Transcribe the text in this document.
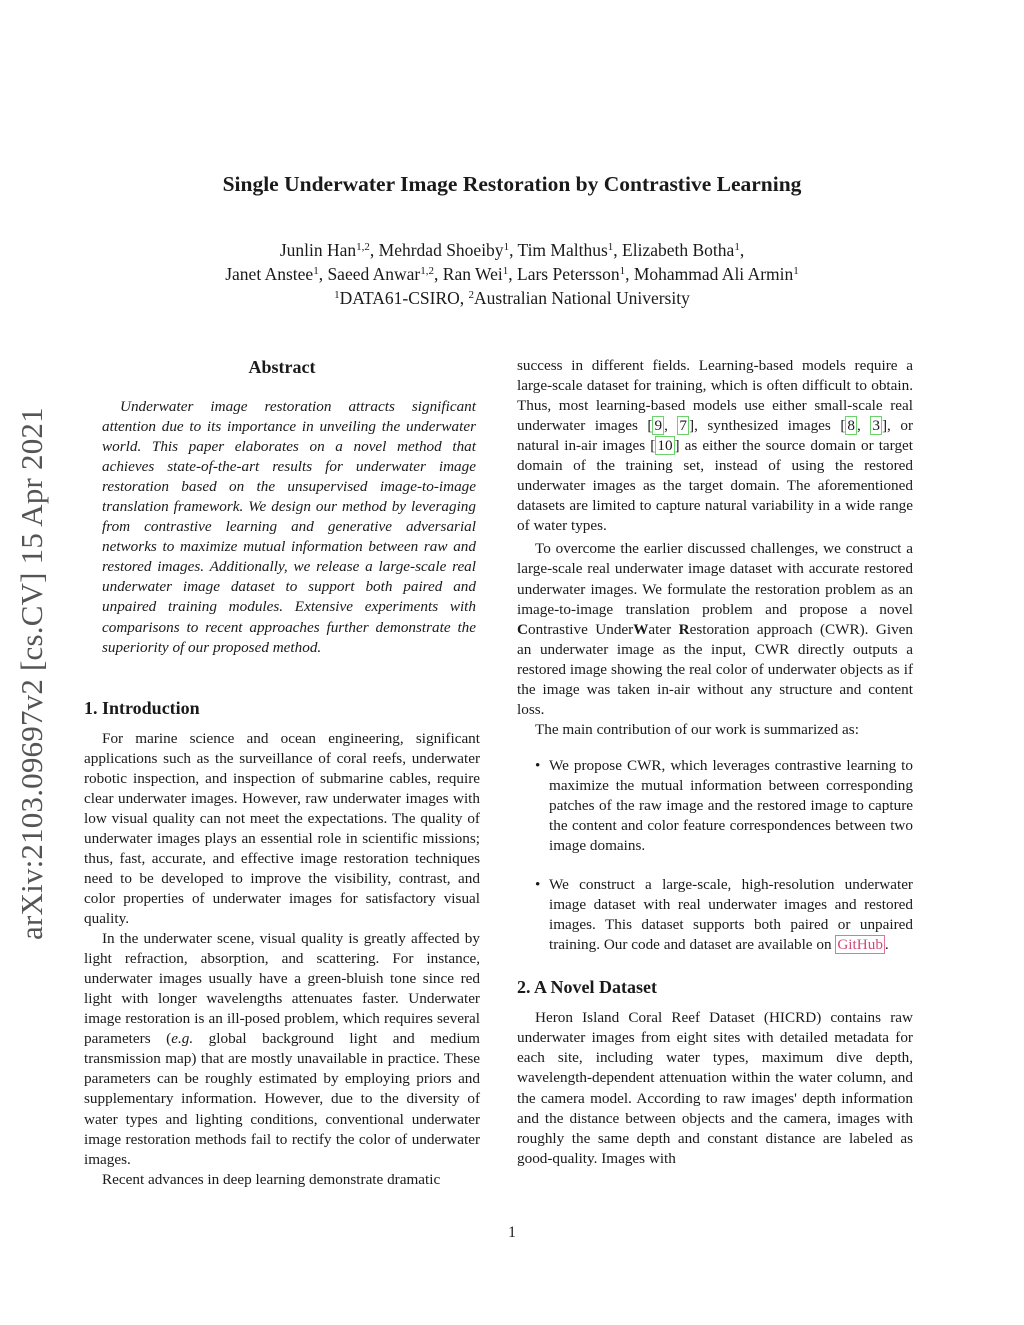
arXiv:2103.09697v2 [cs.CV] 15 Apr 2021
Single Underwater Image Restoration by Contrastive Learning
Junlin Han$^{1,2}$, Mehrdad Shoeiby$^1$, Tim Malthus$^1$, Elizabeth Botha$^1$,
Janet Anstee$^1$, Saeed Anwar$^{1,2}$, Ran Wei$^1$, Lars Petersson$^1$, Mohammad Ali Armin$^1$
$^1$DATA61-CSIRO, $^2$Australian National University
Abstract

Underwater image restoration attracts significant attention due to its importance in unveiling the underwater world. This paper elaborates on a novel method that achieves state-of-the-art results for underwater image restoration based on the unsupervised image-to-image translation framework. We design our method by leveraging from contrastive learning and generative adversarial networks to maximize mutual information between raw and restored images. Additionally, we release a large-scale real underwater image dataset to support both paired and unpaired training modules. Extensive experiments with comparisons to recent approaches further demonstrate the superiority of our proposed method.

1. Introduction

For marine science and ocean engineering, significant applications such as the surveillance of coral reefs, underwater robotic inspection, and inspection of submarine cables, require clear underwater images. However, raw underwater images with low visual quality can not meet the expectations. The quality of underwater images plays an essential role in scientific missions; thus, fast, accurate, and effective image restoration techniques need to be developed to improve the visibility, contrast, and color properties of underwater images for satisfactory visual quality.

In the underwater scene, visual quality is greatly affected by light refraction, absorption, and scattering. For instance, underwater images usually have a green-bluish tone since red light with longer wavelengths attenuates faster. Underwater image restoration is an ill-posed problem, which requires several parameters (e.g. global background light and medium transmission map) that are mostly unavailable in practice. These parameters can be roughly estimated by employing priors and supplementary information. However, due to the diversity of water types and lighting conditions, conventional underwater image restoration methods fail to rectify the color of underwater images.

Recent advances in deep learning demonstrate dramatic

success in different fields. Learning-based models require a large-scale dataset for training, which is often difficult to obtain. Thus, most learning-based models use either small-scale real underwater images [ 9 , 7 ], synthesized images [ 8 , 3 ], or natural in-air images [ 10 ] as either the source domain or target domain of the training set, instead of using the restored underwater images as the target domain. The aforementioned datasets are limited to capture natural variability in a wide range of water types.

To overcome the earlier discussed challenges, we construct a large-scale real underwater image dataset with accurate restored underwater images. We formulate the restoration problem as an image-to-image translation problem and propose a novel Contrastive UnderWater Restoration approach (CWR). Given an underwater image as the input, CWR directly outputs a restored image showing the real color of underwater objects as if the image was taken in-air without any structure and content loss.

The main contribution of our work is summarized as:

• We propose CWR, which leverages contrastive learning to maximize the mutual information between corresponding patches of the raw image and the restored image to capture the content and color feature correspondences between two image domains.
• We construct a large-scale, high-resolution underwater image dataset with real underwater images and restored images. This dataset supports both paired or unpaired training. Our code and dataset are available on GitHub .
2. A Novel Dataset

Heron Island Coral Reef Dataset (HICRD) contains raw underwater images from eight sites with detailed metadata for each site, including water types, maximum dive depth, wavelength-dependent attenuation within the water column, and the camera model. According to raw images' depth information and the distance between objects and the camera, images with roughly the same depth and constant distance are labeled as good-quality. Images with

1
